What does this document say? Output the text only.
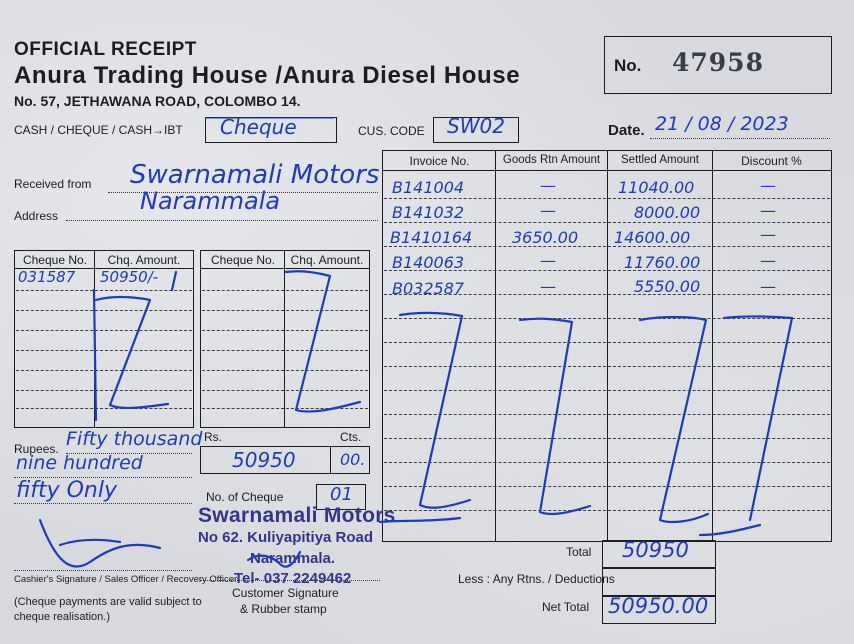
OFFICIAL RECEIPT
Anura Trading House /Anura Diesel House
No. 57, JETHAWANA ROAD, COLOMBO 14.
No. 47958
CASH / CHEQUE / CASH→IBT Cheque	CUS. CODE SW02	Date. 21 / 08 / 2023
Received from Swarnamali Motors
Address
Narammala
Cheque No.	Chq. Amount.
031587 50950/-
Cheque No.	Chq. Amount.
Invoice No.	Goods Rtn Amount	Settled Amount	Discount %
B141004	—	11040.00	—
B141032	—	8000.00	—
B1410164 3650.00 14600.00	—
B140063	—	11760.00	—
B032587	—	5550.00	—
Rupees. Fifty thousand
nine hundred
fifty Only
Rs.	Cts.
50950	00.
No. of Cheque	01
Swarnamali Motors
No 62. Kuliyapitiya Road
Narammala.
Tel- 037 2249462
Total 50950
Less : Any Rtns. / Deductions
Net Total 50950.00
Cashier's Signature / Sales Officer / Recovery Officer
(Cheque payments are valid subject to
cheque realisation.)
Customer Signature
& Rubber stamp
